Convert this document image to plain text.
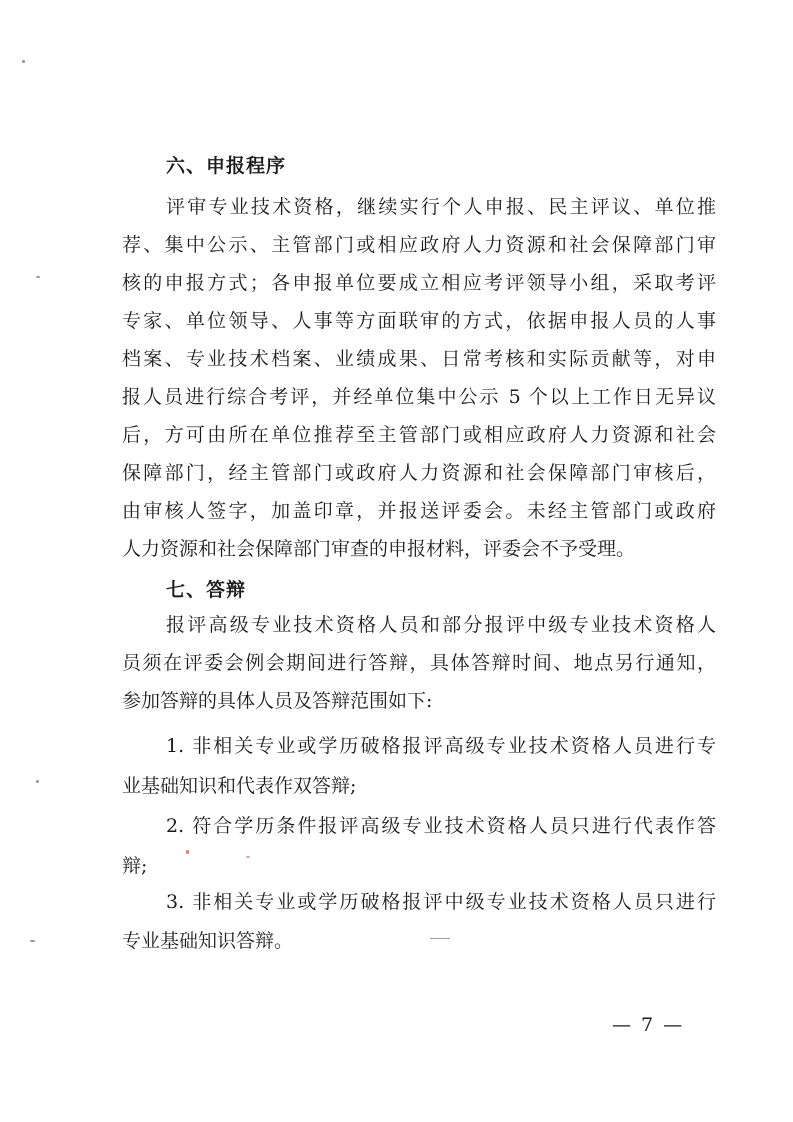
六、申报程序
评审专业技术资格，继续实行个人申报、民主评议、单位推
荐、集中公示、主管部门或相应政府人力资源和社会保障部门审
核的申报方式；各申报单位要成立相应考评领导小组，采取考评
专家、单位领导、人事等方面联审的方式，依据申报人员的人事
档案、专业技术档案、业绩成果、日常考核和实际贡献等，对申
报人员进行综合考评，并经单位集中公示 5 个以上工作日无异议
后，方可由所在单位推荐至主管部门或相应政府人力资源和社会
保障部门，经主管部门或政府人力资源和社会保障部门审核后，
由审核人签字，加盖印章，并报送评委会。未经主管部门或政府
人力资源和社会保障部门审查的申报材料，评委会不予受理。
七、答辩
报评高级专业技术资格人员和部分报评中级专业技术资格人
员须在评委会例会期间进行答辩，具体答辩时间、地点另行通知，
参加答辩的具体人员及答辩范围如下:
1. 非相关专业或学历破格报评高级专业技术资格人员进行专
业基础知识和代表作双答辩;
2. 符合学历条件报评高级专业技术资格人员只进行代表作答
辩;
3. 非相关专业或学历破格报评中级专业技术资格人员只进行
专业基础知识答辩。
— 7 —
